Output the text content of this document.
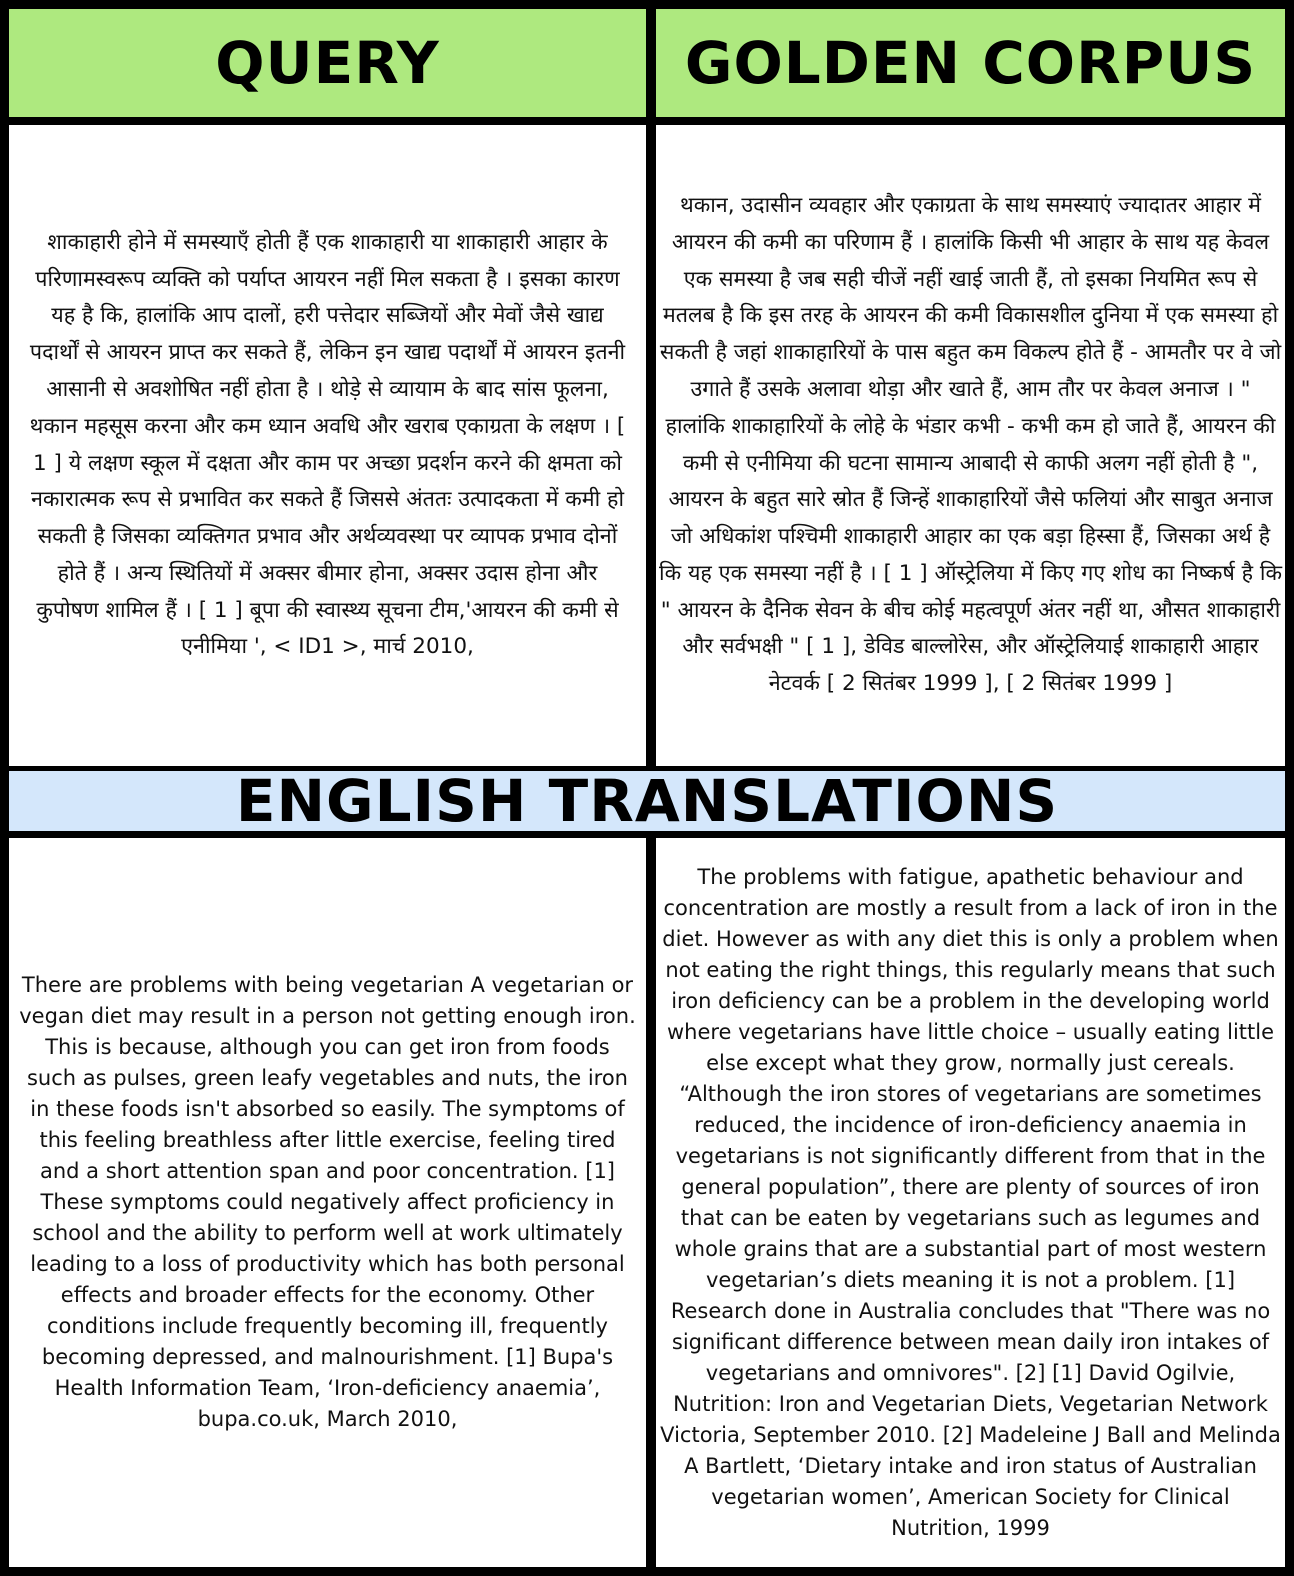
QUERY	GOLDEN CORPUS

शाकाहारी होने में समस्याएँ होती हैं एक शाकाहारी या शाकाहारी आहार के परिणामस्वरूप व्यक्ति को पर्याप्त आयरन नहीं मिल सकता है । इसका कारण यह है कि, हालांकि आप दालों, हरी पत्तेदार सब्जियों और मेवों जैसे खाद्य पदार्थों से आयरन प्राप्त कर सकते हैं, लेकिन इन खाद्य पदार्थों में आयरन इतनी आसानी से अवशोषित नहीं होता है । थोड़े से व्यायाम के बाद सांस फूलना, थकान महसूस करना और कम ध्यान अवधि और खराब एकाग्रता के लक्षण । [ 1 ] ये लक्षण स्कूल में दक्षता और काम पर अच्छा प्रदर्शन करने की क्षमता को नकारात्मक रूप से प्रभावित कर सकते हैं जिससे अंततः उत्पादकता में कमी हो सकती है जिसका व्यक्तिगत प्रभाव और अर्थव्यवस्था पर व्यापक प्रभाव दोनों होते हैं । अन्य स्थितियों में अक्सर बीमार होना, अक्सर उदास होना और कुपोषण शामिल हैं । [ 1 ] बूपा की स्वास्थ्य सूचना टीम,'आयरन की कमी से एनीमिया ', < ID1 >, मार्च 2010,

थकान, उदासीन व्यवहार और एकाग्रता के साथ समस्याएं ज्यादातर आहार में आयरन की कमी का परिणाम हैं । हालांकि किसी भी आहार के साथ यह केवल एक समस्या है जब सही चीजें नहीं खाई जाती हैं, तो इसका नियमित रूप से मतलब है कि इस तरह के आयरन की कमी विकासशील दुनिया में एक समस्या हो सकती है जहां शाकाहारियों के पास बहुत कम विकल्प होते हैं - आमतौर पर वे जो उगाते हैं उसके अलावा थोड़ा और खाते हैं, आम तौर पर केवल अनाज । " हालांकि शाकाहारियों के लोहे के भंडार कभी - कभी कम हो जाते हैं, आयरन की कमी से एनीमिया की घटना सामान्य आबादी से काफी अलग नहीं होती है ", आयरन के बहुत सारे स्रोत हैं जिन्हें शाकाहारियों जैसे फलियां और साबुत अनाज जो अधिकांश पश्चिमी शाकाहारी आहार का एक बड़ा हिस्सा हैं, जिसका अर्थ है कि यह एक समस्या नहीं है । [ 1 ] ऑस्ट्रेलिया में किए गए शोध का निष्कर्ष है कि " आयरन के दैनिक सेवन के बीच कोई महत्वपूर्ण अंतर नहीं था, औसत शाकाहारी और सर्वभक्षी " [ 1 ], डेविड बाल्लोरेस, और ऑस्ट्रेलियाई शाकाहारी आहार नेटवर्क [ 2 सितंबर 1999 ], [ 2 सितंबर 1999 ]

ENGLISH TRANSLATIONS

There are problems with being vegetarian A vegetarian or vegan diet may result in a person not getting enough iron. This is because, although you can get iron from foods such as pulses, green leafy vegetables and nuts, the iron in these foods isn't absorbed so easily. The symptoms of this feeling breathless after little exercise, feeling tired and a short attention span and poor concentration. [1] These symptoms could negatively affect proficiency in school and the ability to perform well at work ultimately leading to a loss of productivity which has both personal effects and broader effects for the economy. Other conditions include frequently becoming ill, frequently becoming depressed, and malnourishment. [1] Bupa's Health Information Team, ‘Iron-deficiency anaemia’, bupa.co.uk, March 2010,

The problems with fatigue, apathetic behaviour and concentration are mostly a result from a lack of iron in the diet. However as with any diet this is only a problem when not eating the right things, this regularly means that such iron deficiency can be a problem in the developing world where vegetarians have little choice – usually eating little else except what they grow, normally just cereals. “Although the iron stores of vegetarians are sometimes reduced, the incidence of iron-deficiency anaemia in vegetarians is not significantly different from that in the general population”, there are plenty of sources of iron that can be eaten by vegetarians such as legumes and whole grains that are a substantial part of most western vegetarian’s diets meaning it is not a problem. [1] Research done in Australia concludes that "There was no significant difference between mean daily iron intakes of vegetarians and omnivores". [2] [1] David Ogilvie, Nutrition: Iron and Vegetarian Diets, Vegetarian Network Victoria, September 2010. [2] Madeleine J Ball and Melinda A Bartlett, ‘Dietary intake and iron status of Australian vegetarian women’, American Society for Clinical Nutrition, 1999
